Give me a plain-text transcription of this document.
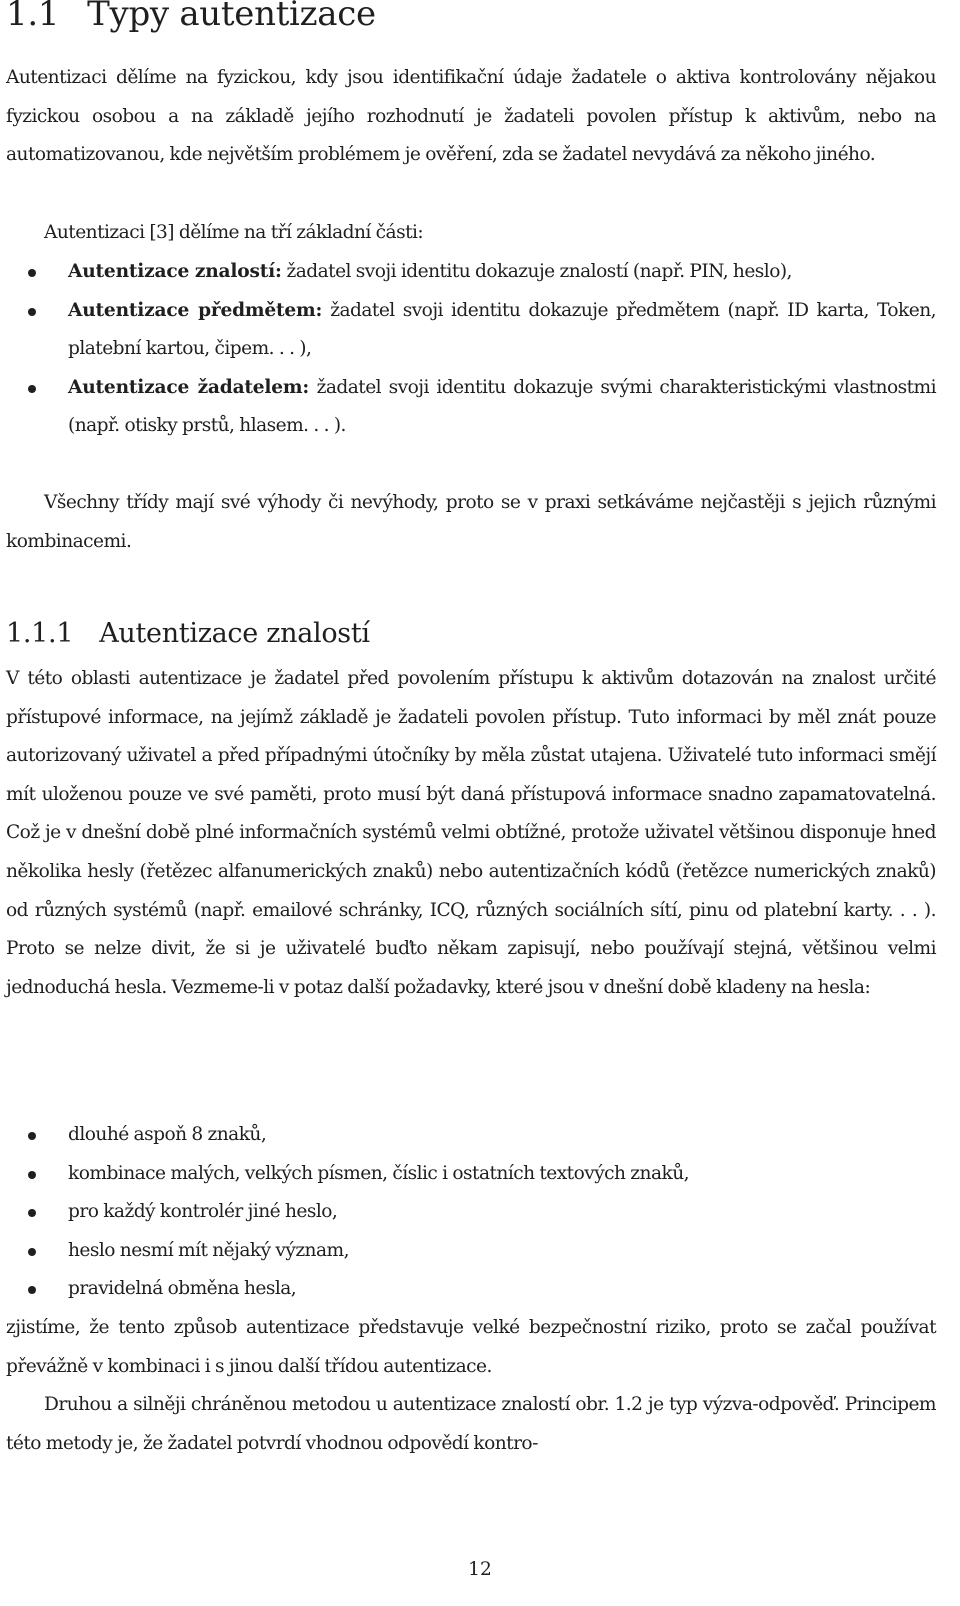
1.1 Typy autentizace

Autentizaci dělíme na fyzickou, kdy jsou identifikační údaje žadatele o aktiva kontrolovány nějakou fyzickou osobou a na základě jejího rozhodnutí je žadateli povolen přístup k aktivům, nebo na automatizovanou, kde největším problémem je ověření, zda se žadatel nevydává za někoho jiného.

Autentizaci [3] dělíme na tří základní části:

Autentizace znalostí: žadatel svoji identitu dokazuje znalostí (např. PIN, heslo),
Autentizace předmětem: žadatel svoji identitu dokazuje předmětem (např. ID karta, Token, platební kartou, čipem. . . ),
Autentizace žadatelem: žadatel svoji identitu dokazuje svými charakteristickými vlastnostmi (např. otisky prstů, hlasem. . . ).

Všechny třídy mají své výhody či nevýhody, proto se v praxi setkáváme nejčastěji s jejich různými kombinacemi.

1.1.1 Autentizace znalostí

V této oblasti autentizace je žadatel před povolením přístupu k aktivům dotazován na znalost určité přístupové informace, na jejímž základě je žadateli povolen přístup. Tuto informaci by měl znát pouze autorizovaný uživatel a před případnými útočníky by měla zůstat utajena. Uživatelé tuto informaci smějí mít uloženou pouze ve své paměti, proto musí být daná přístupová informace snadno zapamatovatelná. Což je v dnešní době plné informačních systémů velmi obtížné, protože uživatel většinou disponuje hned několika hesly (řetězec alfanumerických znaků) nebo autentizačních kódů (řetězce numerických znaků) od různých systémů (např. emailové schránky, ICQ, různých sociálních sítí, pinu od platební karty. . . ). Proto se nelze divit, že si je uživatelé buďto někam zapisují, nebo používají stejná, většinou velmi jednoduchá hesla. Vezmeme-li v potaz další požadavky, které jsou v dnešní době kladeny na hesla:

dlouhé aspoň 8 znaků,
kombinace malých, velkých písmen, číslic i ostatních textových znaků,
pro každý kontrolér jiné heslo,
heslo nesmí mít nějaký význam,
pravidelná obměna hesla,

zjistíme, že tento způsob autentizace představuje velké bezpečnostní riziko, proto se začal používat převážně v kombinaci i s jinou další třídou autentizace.

Druhou a silněji chráněnou metodou u autentizace znalostí obr. 1.2 je typ výzva-odpověď. Principem této metody je, že žadatel potvrdí vhodnou odpovědí kontro-

12
